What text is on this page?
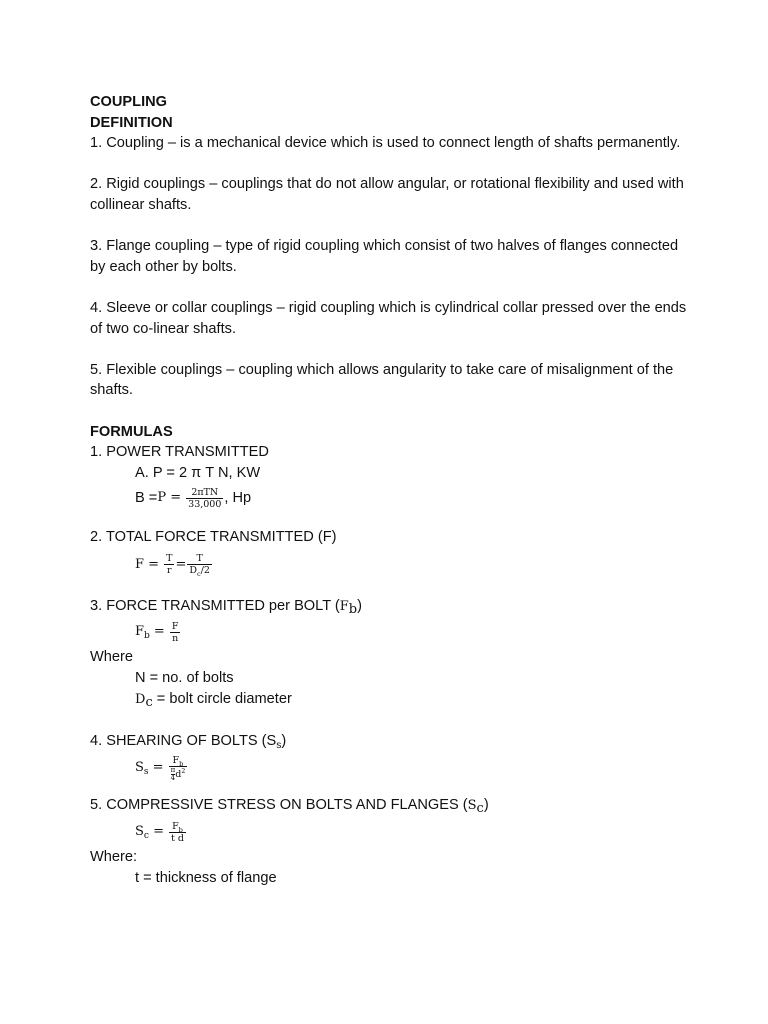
COUPLING
DEFINITION
1. Coupling – is a mechanical device which is used to connect length of shafts permanently.
2. Rigid couplings – couplings that do not allow angular, or rotational flexibility and used with collinear shafts.
3. Flange coupling – type of rigid coupling which consist of two halves of flanges connected by each other by bolts.
4. Sleeve or collar couplings – rigid coupling which is cylindrical collar pressed over the ends of two co-linear shafts.
5. Flexible couplings – coupling which allows angularity to take care of misalignment of the shafts.
FORMULAS
1. POWER TRANSMITTED
A. P = 2 π T N, KW
B = P =
$\frac{\text{2πTN}}{33,000}$ , Hp
2. TOTAL FORCE TRANSMITTED (F)
F =
$\frac{T}{r} = \frac{T}{D_c/2}$
3. FORCE TRANSMITTED per BOLT $(F_b)$
$F_b$
=
$\frac{F}{n}$
Where
N = no. of bolts
$D_c$ = bolt circle diameter
4. SHEARING OF BOLTS $(S_s)$
$S_s$
=
$\frac{F_b}{\frac{\pi}{4} d^2}$
5. COMPRESSIVE STRESS ON BOLTS AND FLANGES $(S_c)$
$S_c$
=
$\frac{F_b}{\text{t d}}$
Where:
t = thickness of flange
